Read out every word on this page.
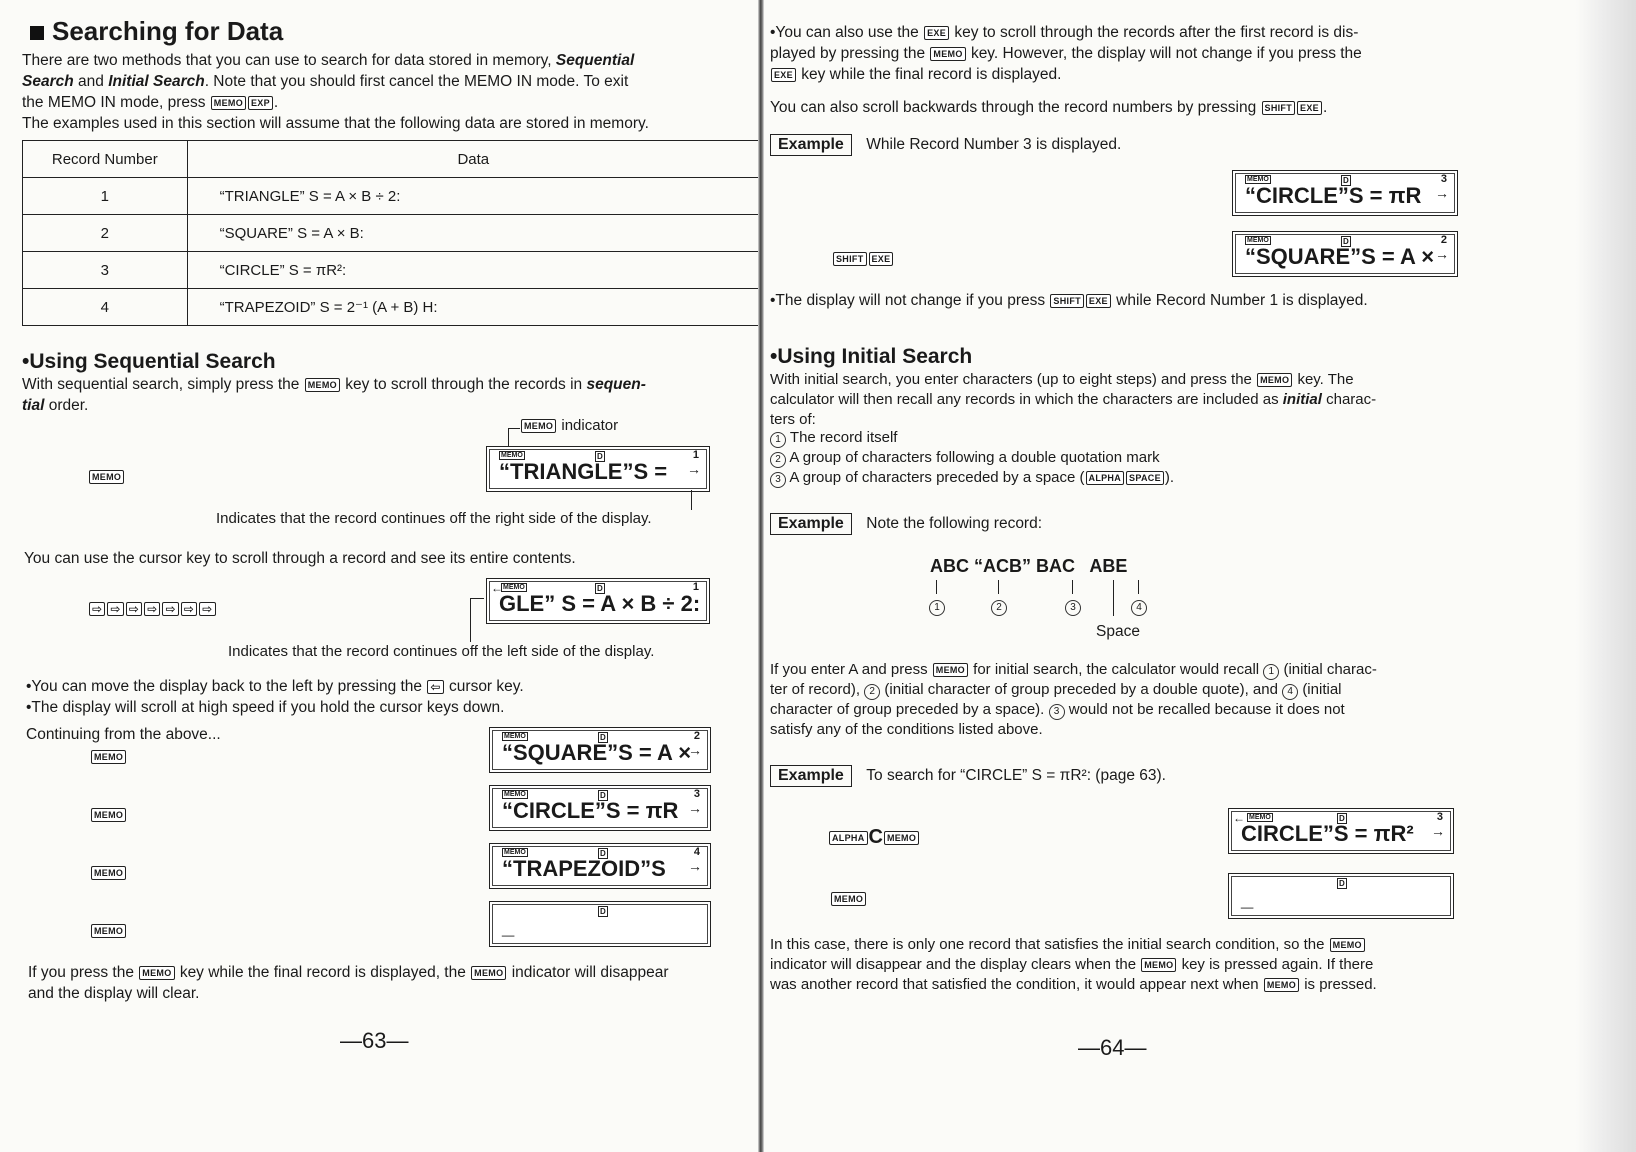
Searching for Data
There are two methods that you can use to search for data stored in memory, Sequential
Search and Initial Search. Note that you should first cancel the MEMO IN mode. To exit
the MEMO IN mode, press MEMO EXP .
The examples used in this section will assume that the following data are stored in memory.
Record Number	Data
1	“TRIANGLE” S = A × B ÷ 2:
2	“SQUARE” S = A × B:
3	“CIRCLE” S = πR²:
4	“TRAPEZOID” S = 2⁻¹ (A + B) H:
•Using Sequential Search
With sequential search, simply press the MEMO key to scroll through the records in sequen-
tial order.
MEMO indicator
MEMO
MEMO	D	1
→
“TRIANGLE”S =
Indicates that the record continues off the right side of the display.
You can use the cursor key to scroll through a record and see its entire contents.
⇨ ⇨ ⇨ ⇨ ⇨ ⇨ ⇨
← MEMO	D	1
GLE” S = A × B ÷ 2:
Indicates that the record continues off the left side of the display.
•You can move the display back to the left by pressing the ⇦ cursor key.
•The display will scroll at high speed if you hold the cursor keys down.
Continuing from the above...
MEMO
MEMO	D	2
→
“SQUARE”S = A ×
MEMO
MEMO	D	3
→
“CIRCLE”S = πR
MEMO
MEMO	D	4
→
“TRAPEZOID”S
MEMO
D
_
If you press the MEMO key while the final record is displayed, the MEMO indicator will disappear
and the display will clear.
—63—
•You can also use the EXE key to scroll through the records after the first record is dis-
played by pressing the MEMO key. However, the display will not change if you press the
EXE key while the final record is displayed.
You can also scroll backwards through the record numbers by pressing SHIFT EXE .
Example While Record Number 3 is displayed.
MEMO	D	3
→
“CIRCLE”S = πR
SHIFT EXE
MEMO	D	2
→
“SQUARE”S = A ×
•The display will not change if you press SHIFT EXE while Record Number 1 is displayed.
•Using Initial Search
With initial search, you enter characters (up to eight steps) and press the MEMO key. The
calculator will then recall any records in which the characters are included as initial charac-
ters of:
1 The record itself
2 A group of characters following a double quotation mark
3 A group of characters preceded by a space ( ALPHA SPACE ).
Example Note the following record:
ABC “ACB” BAC   ABE
1	2	3	4
Space
If you enter A and press MEMO for initial search, the calculator would recall 1 (initial charac-
ter of record), 2 (initial character of group preceded by a double quote), and 4 (initial
character of group preceded by a space). 3 would not be recalled because it does not
satisfy any of the conditions listed above.
Example To search for “CIRCLE” S = πR²: (page 63).
ALPHA C MEMO
← MEMO	D	3
→
CIRCLE”S = πR²
MEMO
D
_
In this case, there is only one record that satisfies the initial search condition, so the MEMO
indicator will disappear and the display clears when the MEMO key is pressed again. If there
was another record that satisfied the condition, it would appear next when MEMO is pressed.
—64—
